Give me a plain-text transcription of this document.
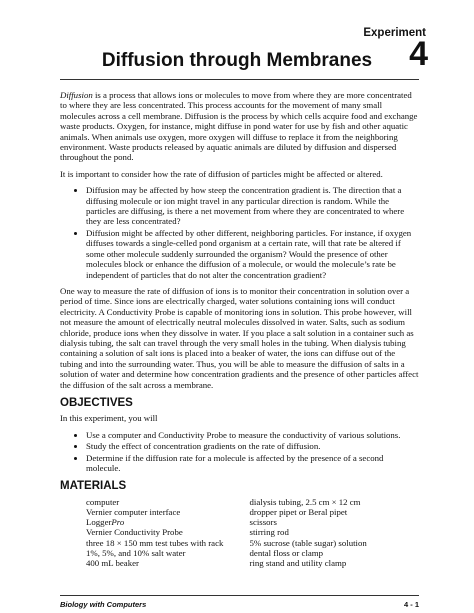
Experiment
4
Diffusion through Membranes

Diffusion is a process that allows ions or molecules to move from where they are more concentrated to where they are less concentrated. This process accounts for the movement of many small molecules across a cell membrane. Diffusion is the process by which cells acquire food and exchange waste products. Oxygen, for instance, might diffuse in pond water for use by fish and other aquatic animals. When animals use oxygen, more oxygen will diffuse to replace it from the neighboring environment. Waste products released by aquatic animals are diluted by diffusion and dispersed throughout the pond.

It is important to consider how the rate of diffusion of particles might be affected or altered.

• Diffusion may be affected by how steep the concentration gradient is. The direction that a diffusing molecule or ion might travel in any particular direction is random. While the particles are diffusing, is there a net movement from where they are concentrated to where they are less concentrated?
• Diffusion might be affected by other different, neighboring particles. For instance, if oxygen diffuses towards a single-celled pond organism at a certain rate, will that rate be altered if some other molecule suddenly surrounded the organism? Would the presence of other molecules block or enhance the diffusion of a molecule, or would the molecule’s rate be independent of particles that do not alter the concentration gradient?

One way to measure the rate of diffusion of ions is to monitor their concentration in solution over a period of time. Since ions are electrically charged, water solutions containing ions will conduct electricity. A Conductivity Probe is capable of monitoring ions in solution. This probe however, will not measure the amount of electrically neutral molecules dissolved in water. Salts, such as sodium chloride, produce ions when they dissolve in water. If you place a salt solution in a container such as dialysis tubing, the salt can travel through the very small holes in the tubing. When dialysis tubing containing a solution of salt ions is placed into a beaker of water, the ions can diffuse out of the tubing and into the surrounding water. Thus, you will be able to measure the diffusion of salts in a solution of water and determine how concentration gradients and the presence of other particles affect the diffusion of the salt across a membrane.

OBJECTIVES

In this experiment, you will

• Use a computer and Conductivity Probe to measure the conductivity of various solutions.
• Study the effect of concentration gradients on the rate of diffusion.
• Determine if the diffusion rate for a molecule is affected by the presence of a second molecule.
MATERIALS
computer
Vernier computer interface
LoggerPro
Vernier Conductivity Probe
three 18 × 150 mm test tubes with rack
1%, 5%, and 10% salt water
400 mL beaker
dialysis tubing, 2.5 cm × 12 cm
dropper pipet or Beral pipet
scissors
stirring rod
5% sucrose (table sugar) solution
dental floss or clamp
ring stand and utility clamp
Biology with Computers	4 - 1
